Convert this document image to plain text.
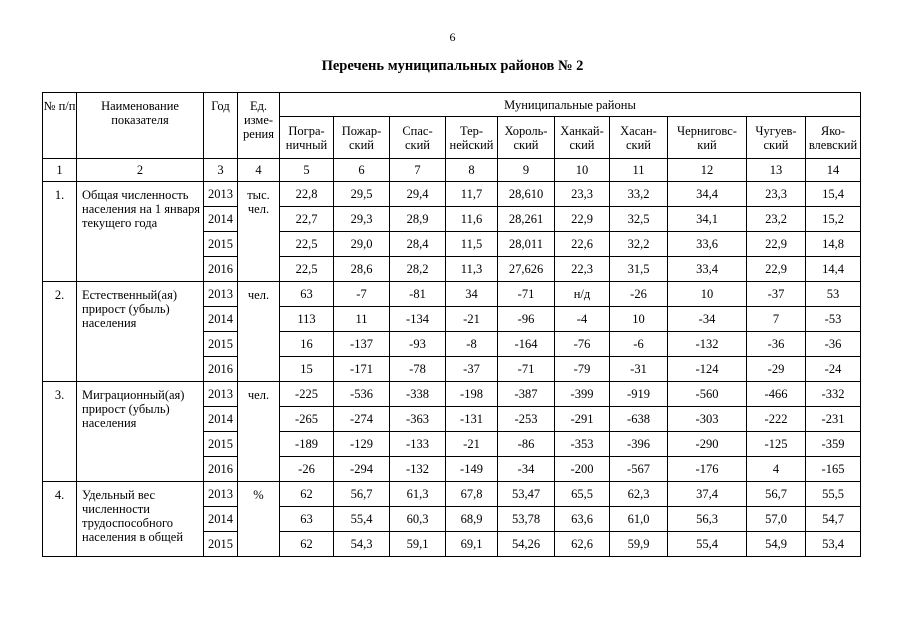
6
Перечень муниципальных районов № 2
№ п/п	Наименование показателя	Год	Ед. изме-рения	Муниципальные районы									
				Погра-ничный	Пожар-ский	Спас-ский	Тер-нейский	Хороль-ский	Ханкай-ский	Хасан-ский	Черниговс-кий	Чугуев-ский	Яко-влевский
1	2	3	4	5	6	7	8	9	10	11	12	13	14
1.	Общая численность населения на 1 января текущего года	2013	тыс. чел.	22,8	29,5	29,4	11,7	28,610	23,3	33,2	34,4	23,3	15,4
		2014		22,7	29,3	28,9	11,6	28,261	22,9	32,5	34,1	23,2	15,2
		2015		22,5	29,0	28,4	11,5	28,011	22,6	32,2	33,6	22,9	14,8
		2016		22,5	28,6	28,2	11,3	27,626	22,3	31,5	33,4	22,9	14,4
2.	Естественный(ая) прирост (убыль) населения	2013	чел.	63	-7	-81	34	-71	н/д	-26	10	-37	53
		2014		113	11	-134	-21	-96	-4	10	-34	7	-53
		2015		16	-137	-93	-8	-164	-76	-6	-132	-36	-36
		2016		15	-171	-78	-37	-71	-79	-31	-124	-29	-24
3.	Миграционный(ая) прирост (убыль) населения	2013	чел.	-225	-536	-338	-198	-387	-399	-919	-560	-466	-332
		2014		-265	-274	-363	-131	-253	-291	-638	-303	-222	-231
		2015		-189	-129	-133	-21	-86	-353	-396	-290	-125	-359
		2016		-26	-294	-132	-149	-34	-200	-567	-176	4	-165
4.	Удельный вес численности трудоспособного населения в общей	2013	%	62	56,7	61,3	67,8	53,47	65,5	62,3	37,4	56,7	55,5
		2014		63	55,4	60,3	68,9	53,78	63,6	61,0	56,3	57,0	54,7
		2015		62	54,3	59,1	69,1	54,26	62,6	59,9	55,4	54,9	53,4
